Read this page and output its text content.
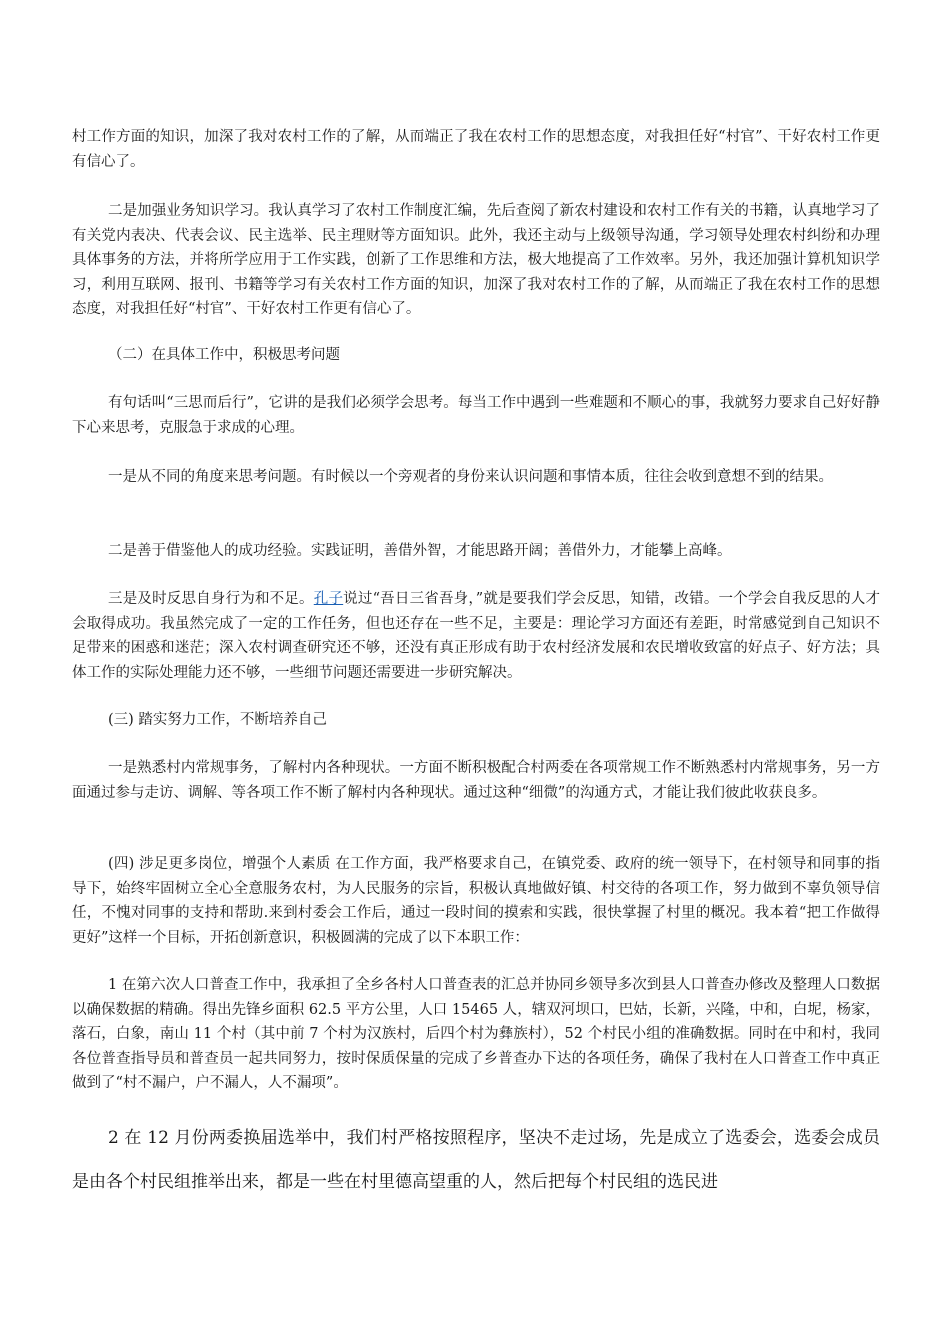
村工作方面的知识，加深了我对农村工作的了解，从而端正了我在农村工作的思想态度，对我担任好“村官”、干好农村工作更有信心了。

二是加强业务知识学习。我认真学习了农村工作制度汇编，先后查阅了新农村建设和农村工作有关的书籍，认真地学习了有关党内表决、代表会议、民主选举、民主理财等方面知识。此外，我还主动与上级领导沟通，学习领导处理农村纠纷和办理具体事务的方法，并将所学应用于工作实践，创新了工作思维和方法，极大地提高了工作效率。另外，我还加强计算机知识学习，利用互联网、报刊、书籍等学习有关农村工作方面的知识，加深了我对农村工作的了解，从而端正了我在农村工作的思想态度，对我担任好“村官”、干好农村工作更有信心了。

（二）在具体工作中，积极思考问题

有句话叫“三思而后行”，它讲的是我们必须学会思考。每当工作中遇到一些难题和不顺心的事，我就努力要求自己好好静下心来思考，克服急于求成的心理。

一是从不同的角度来思考问题。有时候以一个旁观者的身份来认识问题和事情本质，往往会收到意想不到的结果。

二是善于借鉴他人的成功经验。实践证明，善借外智，才能思路开阔；善借外力，才能攀上高峰。

三是及时反思自身行为和不足。孔子说过“吾日三省吾身，”就是要我们学会反思，知错，改错。一个学会自我反思的人才会取得成功。我虽然完成了一定的工作任务，但也还存在一些不足，主要是：理论学习方面还有差距，时常感觉到自己知识不足带来的困惑和迷茫；深入农村调查研究还不够，还没有真正形成有助于农村经济发展和农民增收致富的好点子、好方法；具体工作的实际处理能力还不够，一些细节问题还需要进一步研究解决。

(三) 踏实努力工作，不断培养自己

一是熟悉村内常规事务，了解村内各种现状。一方面不断积极配合村两委在各项常规工作不断熟悉村内常规事务，另一方面通过参与走访、调解、等各项工作不断了解村内各种现状。通过这种“细微”的沟通方式，才能让我们彼此收获良多。

(四) 涉足更多岗位，增强个人素质 在工作方面，我严格要求自己，在镇党委、政府的统一领导下，在村领导和同事的指导下，始终牢固树立全心全意服务农村，为人民服务的宗旨，积极认真地做好镇、村交待的各项工作，努力做到不辜负领导信任，不愧对同事的支持和帮助.来到村委会工作后，通过一段时间的摸索和实践，很快掌握了村里的概况。我本着“把工作做得更好”这样一个目标，开拓创新意识，积极圆满的完成了以下本职工作：

1 在第六次人口普查工作中，我承担了全乡各村人口普查表的汇总并协同乡领导多次到县人口普查办修改及整理人口数据以确保数据的精确。得出先锋乡面积 62.5 平方公里，人口 15465 人，辖双河坝口，巴姑，长新，兴隆，中和，白坭，杨家，落石，白象，南山 11 个村（其中前 7 个村为汉族村，后四个村为彝族村），52 个村民小组的准确数据。同时在中和村，我同各位普查指导员和普查员一起共同努力，按时保质保量的完成了乡普查办下达的各项任务，确保了我村在人口普查工作中真正做到了“村不漏户，户不漏人，人不漏项”。

2 在 12 月份两委换届选举中，我们村严格按照程序，坚决不走过场，先是成立了选委会，选委会成员是由各个村民组推举出来，都是一些在村里德高望重的人，然后把每个村民组的选民进
